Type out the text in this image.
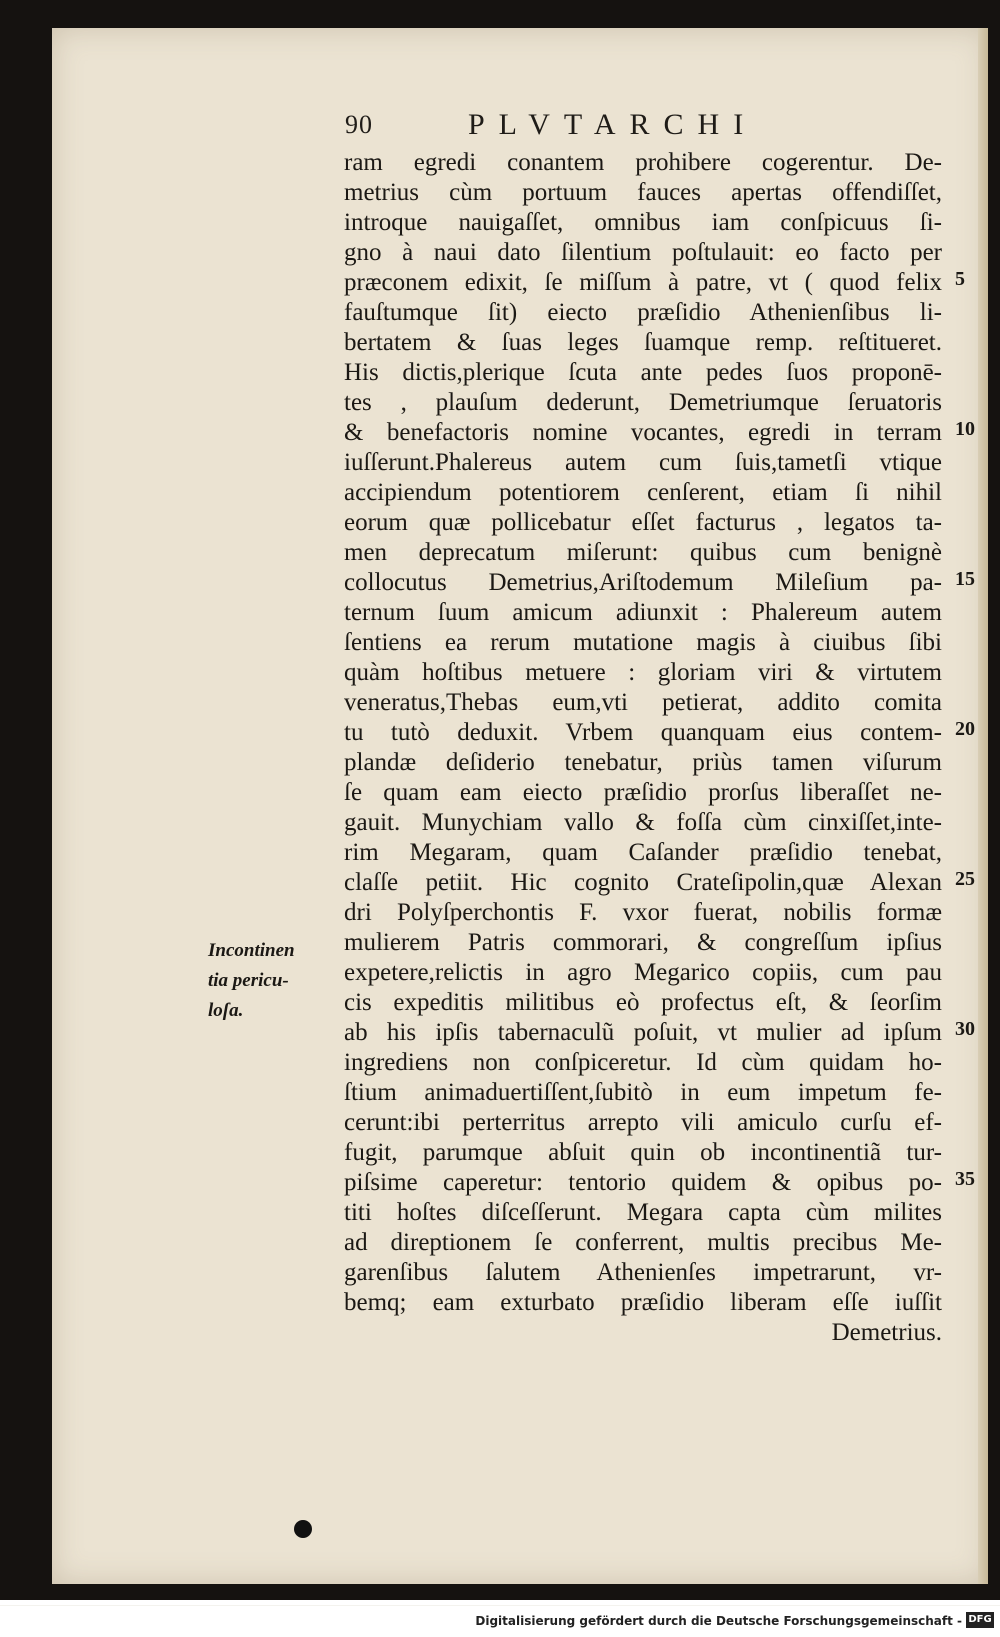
90	PLVTARCHI
ram egredi conantem prohibere cogerentur. De-
metrius cùm portuum fauces apertas offendiſſet,
introque nauigaſſet, omnibus iam conſpicuus ſi-
gno à naui dato ſilentium poſtulauit: eo facto per
præconem edixit, ſe miſſum à patre, vt ( quod felix
fauſtumque ſit) eiecto præſidio Athenienſibus li-
bertatem & ſuas leges ſuamque remp. reſtitueret.
His dictis,plerique ſcuta ante pedes ſuos proponē-
tes , plauſum dederunt, Demetriumque ſeruatoris
& benefactoris nomine vocantes, egredi in terram
iuſſerunt.Phalereus autem cum ſuis,tametſi vtique
accipiendum potentiorem cenſerent, etiam ſi nihil
eorum quæ pollicebatur eſſet facturus , legatos ta-
men deprecatum miſerunt: quibus cum benignè
collocutus Demetrius,Ariſtodemum Mileſium pa-
ternum ſuum amicum adiunxit : Phalereum autem
ſentiens ea rerum mutatione magis à ciuibus ſibi
quàm hoſtibus metuere : gloriam viri & virtutem
veneratus,Thebas eum,vti petierat, addito comita
tu tutò deduxit. Vrbem quanquam eius contem-
plandæ deſiderio tenebatur, priùs tamen viſurum
ſe quam eam eiecto præſidio prorſus liberaſſet ne-
gauit. Munychiam vallo & foſſa cùm cinxiſſet,inte-
rim Megaram, quam Caſander præſidio tenebat,
claſſe petiit. Hic cognito Crateſipolin,quæ Alexan
dri Polyſperchontis F. vxor fuerat, nobilis formæ
mulierem Patris commorari, & congreſſum ipſius
expetere,relictis in agro Megarico copiis, cum pau
cis expeditis militibus eò profectus eſt, & ſeorſim
ab his ipſis tabernaculũ poſuit, vt mulier ad ipſum
ingrediens non conſpiceretur. Id cùm quidam ho-
ſtium animaduertiſſent,ſubitò in eum impetum fe-
cerunt:ibi perterritus arrepto vili amiculo curſu ef-
fugit, parumque abſuit quin ob incontinentiã tur-
piſsime caperetur: tentorio quidem & opibus po-
titi hoſtes diſceſſerunt. Megara capta cùm milites
ad direptionem ſe conferrent, multis precibus Me-
garenſibus ſalutem Athenienſes impetrarunt, vr-
bemq; eam exturbato præſidio liberam eſſe iuſſit
Demetrius.
5
10
15
20
25
30
35
Incontinen
tia pericu-
loſa.
Digitalisierung gefördert durch die Deutsche Forschungsgemeinschaft - DFG
